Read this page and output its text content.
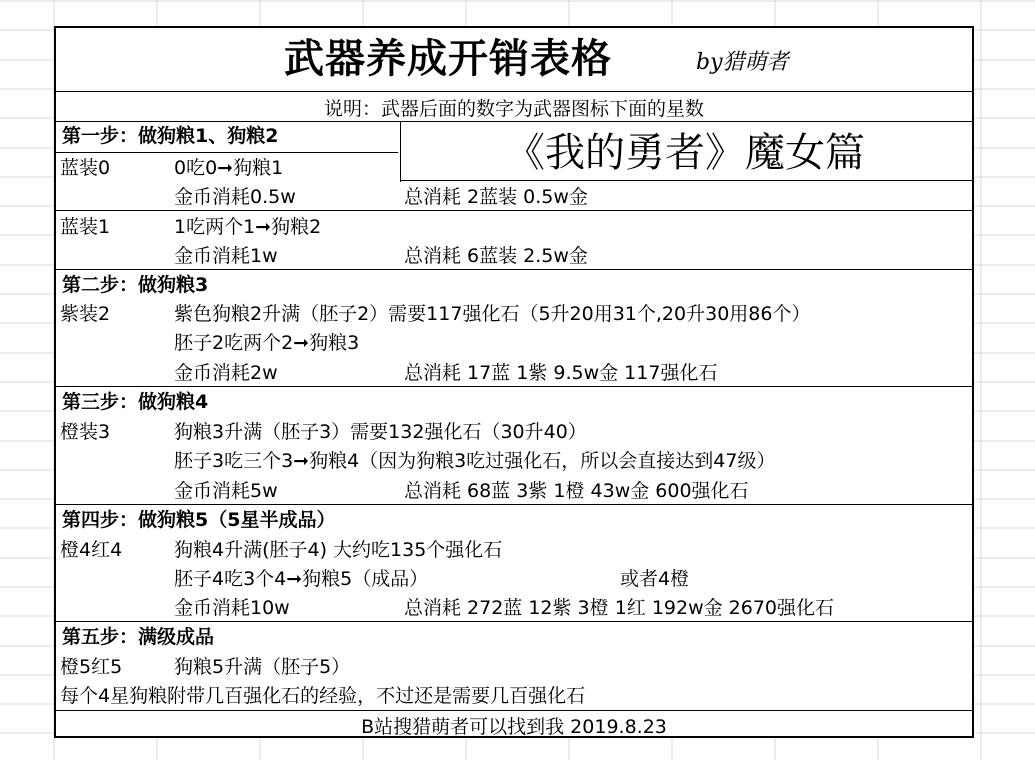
武器养成开销表格	by猎萌者
说明：武器后面的数字为武器图标下面的星数
第一步：做狗粮1、狗粮2	《我的勇者》魔女篇
蓝装0	0吃0➞狗粮1
金币消耗0.5w	总消耗 2蓝装 0.5w金
蓝装1	1吃两个1➞狗粮2
金币消耗1w	总消耗 6蓝装 2.5w金
第二步：做狗粮3
紫装2	紫色狗粮2升满（胚子2）需要117强化石（5升20用31个,20升30用86个）
胚子2吃两个2➞狗粮3
金币消耗2w	总消耗 17蓝 1紫 9.5w金 117强化石
第三步：做狗粮4
橙装3	狗粮3升满（胚子3）需要132强化石（30升40）
胚子3吃三个3➞狗粮4（因为狗粮3吃过强化石，所以会直接达到47级）
金币消耗5w	总消耗 68蓝 3紫 1橙 43w金 600强化石
第四步：做狗粮5（5星半成品）
橙4红4	狗粮4升满(胚子4) 大约吃135个强化石
胚子4吃3个4➞狗粮5（成品）	或者4橙
金币消耗10w	总消耗 272蓝 12紫 3橙 1红 192w金 2670强化石
第五步：满级成品
橙5红5	狗粮5升满（胚子5）
每个4星狗粮附带几百强化石的经验，不过还是需要几百强化石
B站搜猎萌者可以找到我 2019.8.23
